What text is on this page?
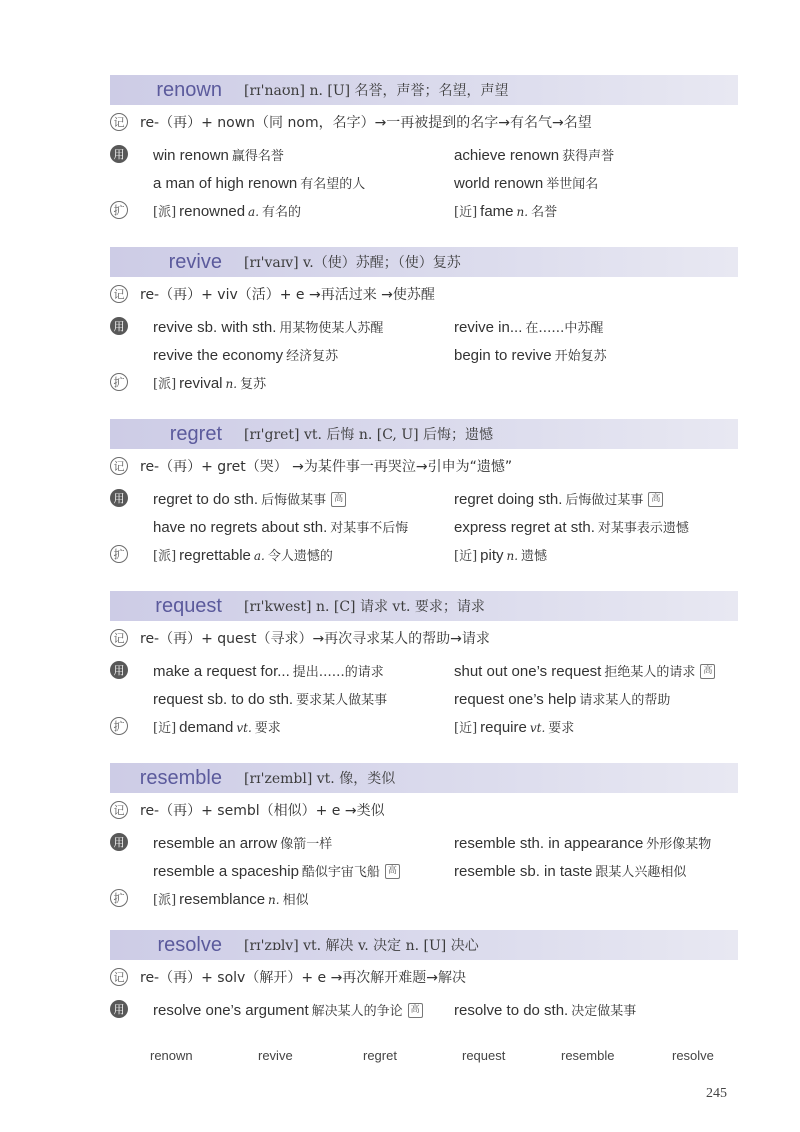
renown	[rɪ'naʊn] n. [U] 名誉，声誉；名望，声望
记 re-（再）+ nown（同 nom，名字）→一再被提到的名字→有名气→名望
用 win renown 赢得名誉	achieve renown 获得声誉
a man of high renown 有名望的人	world renown 举世闻名
扩 [派] renowned a. 有名的	[近] fame n. 名誉
revive	[rɪ'vaɪv] v.（使）苏醒；（使）复苏
记 re-（再）+ viv（活）+ e →再活过来 →使苏醒
用 revive sb. with sth. 用某物使某人苏醒	revive in... 在……中苏醒
revive the economy 经济复苏	begin to revive 开始复苏
扩 [派] revival n. 复苏
regret	[rɪ'gret] vt. 后悔 n. [C, U] 后悔；遗憾
记 re-（再）+ gret（哭） →为某件事一再哭泣→引申为“遗憾”
用 regret to do sth. 后悔做某事 高	regret doing sth. 后悔做过某事 高
have no regrets about sth. 对某事不后悔	express regret at sth. 对某事表示遗憾
扩 [派] regrettable a. 令人遗憾的	[近] pity n. 遗憾
request	[rɪ'kwest] n. [C] 请求 vt. 要求；请求
记 re-（再）+ quest（寻求）→再次寻求某人的帮助→请求
用 make a request for... 提出……的请求	shut out one’s request 拒绝某人的请求 高
request sb. to do sth. 要求某人做某事	request one’s help 请求某人的帮助
扩 [近] demand vt. 要求	[近] require vt. 要求
resemble	[rɪ'zembl] vt. 像，类似
记 re-（再）+ sembl（相似）+ e →类似
用 resemble an arrow 像箭一样	resemble sth. in appearance 外形像某物
resemble a spaceship 酷似宇宙飞船 高	resemble sb. in taste 跟某人兴趣相似
扩 [派] resemblance n. 相似
resolve	[rɪ'zɒlv] vt. 解决 v. 决定 n. [U] 决心
记 re-（再）+ solv（解开）+ e →再次解开难题→解决
用 resolve one’s argument 解决某人的争论 高 resolve to do sth. 决定做某事
renown	revive	regret	request	resemble	resolve
245
